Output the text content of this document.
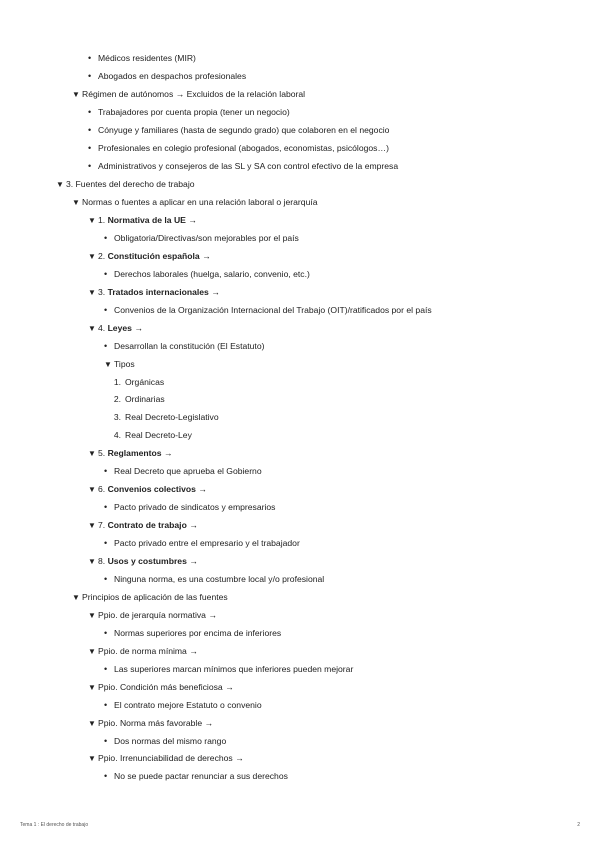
• Médicos residentes (MIR)
• Abogados en despachos profesionales
▼ Régimen de autónomos → Excluidos de la relación laboral
• Trabajadores por cuenta propia (tener un negocio)
• Cónyuge y familiares (hasta de segundo grado) que colaboren en el negocio
• Profesionales en colegio profesional (abogados, economistas, psicólogos…)
• Administrativos y consejeros de las SL y SA con control efectivo de la empresa
▼ 3. Fuentes del derecho de trabajo
▼ Normas o fuentes a aplicar en una relación laboral o jerarquía
▼ 1. Normativa de la UE →
• Obligatoria/Directivas/son mejorables por el país
▼ 2. Constitución española →
• Derechos laborales (huelga, salario, convenio, etc.)
▼ 3. Tratados internacionales →
• Convenios de la Organización Internacional del Trabajo (OIT)/ratificados por el país
▼ 4. Leyes →
• Desarrollan la constitución (El Estatuto)
▼ Tipos
1. Orgánicas
2. Ordinarias
3. Real Decreto-Legislativo
4. Real Decreto-Ley
▼ 5. Reglamentos →
• Real Decreto que aprueba el Gobierno
▼ 6. Convenios colectivos →
• Pacto privado de sindicatos y empresarios
▼ 7. Contrato de trabajo →
• Pacto privado entre el empresario y el trabajador
▼ 8. Usos y costumbres →
• Ninguna norma, es una costumbre local y/o profesional
▼ Principios de aplicación de las fuentes
▼ Ppio. de jerarquía normativa →
• Normas superiores por encima de inferiores
▼ Ppio. de norma mínima →
• Las superiores marcan mínimos que inferiores pueden mejorar
▼ Ppio. Condición más beneficiosa →
• El contrato mejore Estatuto o convenio
▼ Ppio. Norma más favorable →
• Dos normas del mismo rango
▼ Ppio. Irrenunciabilidad de derechos →
• No se puede pactar renunciar a sus derechos
Tema 1 : El derecho de trabajo	2
